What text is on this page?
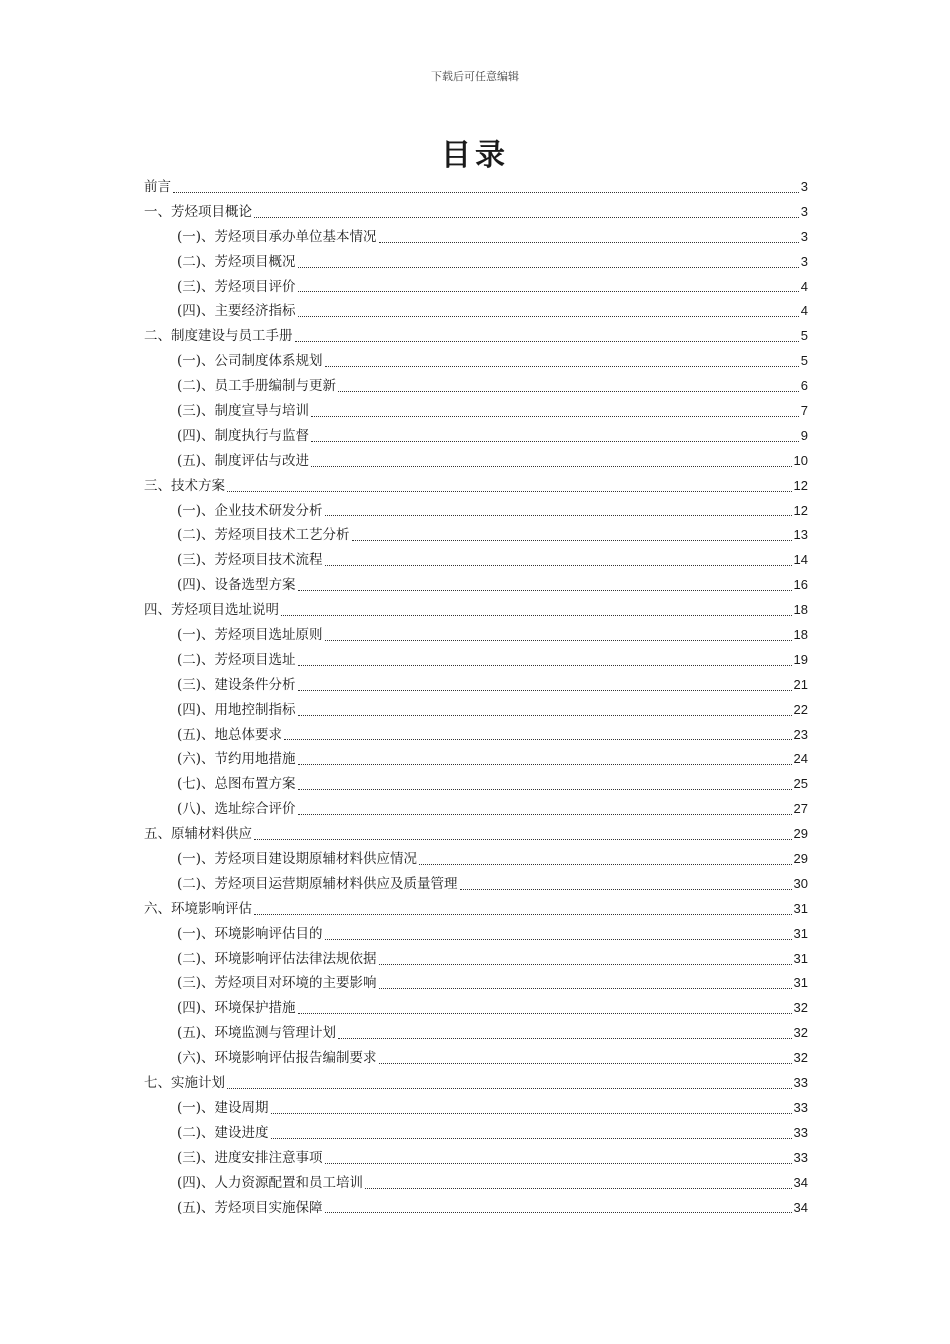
下载后可任意编辑
目录
前言	3
一、芳烃项目概论	3
(一)、芳烃项目承办单位基本情况	3
(二)、芳烃项目概况	3
(三)、芳烃项目评价	4
(四)、主要经济指标	4
二、制度建设与员工手册	5
(一)、公司制度体系规划	5
(二)、员工手册编制与更新	6
(三)、制度宣导与培训	7
(四)、制度执行与监督	9
(五)、制度评估与改进	10
三、技术方案	12
(一)、企业技术研发分析	12
(二)、芳烃项目技术工艺分析	13
(三)、芳烃项目技术流程	14
(四)、设备选型方案	16
四、芳烃项目选址说明	18
(一)、芳烃项目选址原则	18
(二)、芳烃项目选址	19
(三)、建设条件分析	21
(四)、用地控制指标	22
(五)、地总体要求	23
(六)、节约用地措施	24
(七)、总图布置方案	25
(八)、选址综合评价	27
五、原辅材料供应	29
(一)、芳烃项目建设期原辅材料供应情况	29
(二)、芳烃项目运营期原辅材料供应及质量管理	30
六、环境影响评估	31
(一)、环境影响评估目的	31
(二)、环境影响评估法律法规依据	31
(三)、芳烃项目对环境的主要影响	31
(四)、环境保护措施	32
(五)、环境监测与管理计划	32
(六)、环境影响评估报告编制要求	32
七、实施计划	33
(一)、建设周期	33
(二)、建设进度	33
(三)、进度安排注意事项	33
(四)、人力资源配置和员工培训	34
(五)、芳烃项目实施保障	34
